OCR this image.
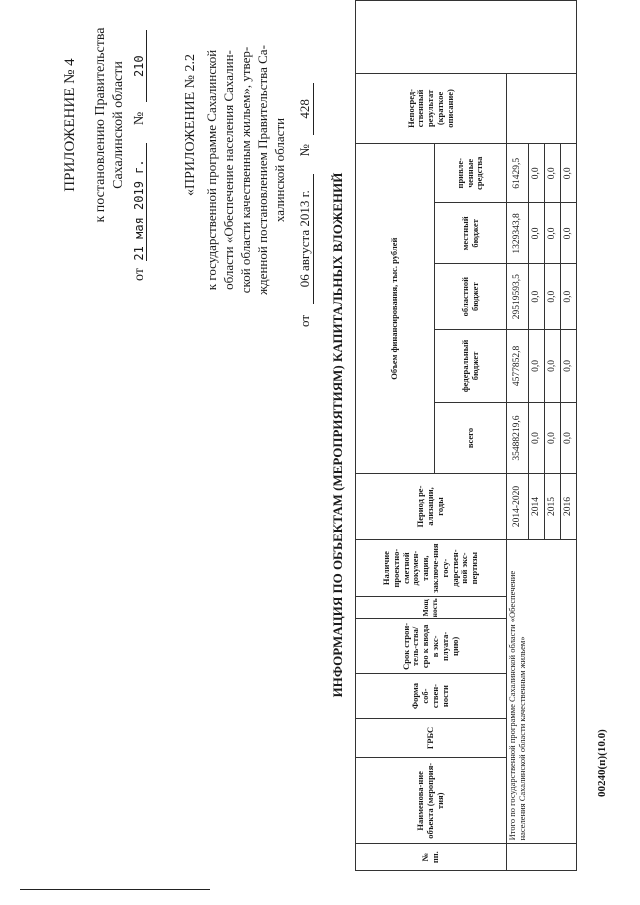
ПРИЛОЖЕНИЕ № 4 к постановлению Правительства Сахалинской области
от 21 мая 2019 г. № 210	«ПРИЛОЖЕНИЕ № 2.2 к государственной программе Сахалинской области «Обеспечение населения Сахалин- ской области качественным жильем», утвер- жденной постановлением Правительства Са- халинской области
от 06 августа 2013 г. № 428
ИНФОРМАЦИЯ ПО ОБЪЕКТАМ (МЕРОПРИЯТИЯМ) КАПИТАЛЬНЫХ ВЛОЖЕНИЙ
№ пп.	Наименова-ние объекта (мероприя-тия)	ГРБС	Форма соб-ствен-ности	Срок строи-тель-ства/сро к ввода в экс-плуата-цию)	Мощ ность	Наличие проектно-сметной докумен-тации, заключе-ния госу-дарствен-ной экс-пертизы	Период ре-ализации, годы	Объем финансирования, тыс. рублей					Непосред-ственный результат (краткое описание)	
								всего	федеральный бюджет	областной бюджет	местный бюджет	привле-ченные средства		
	Итого по государственной программе Сахалинской области «Обеспечение населения Сахалинской области качественным жильем»						2014-2020	35488219,6	4577852,8	29519593,5	1329343,8	61429,5		
							2014	0,0	0,0	0,0	0,0	0,0		
							2015	0,0	0,0	0,0	0,0	0,0		
							2016	0,0	0,0	0,0	0,0	0,0		
00240(п)(10.0)
